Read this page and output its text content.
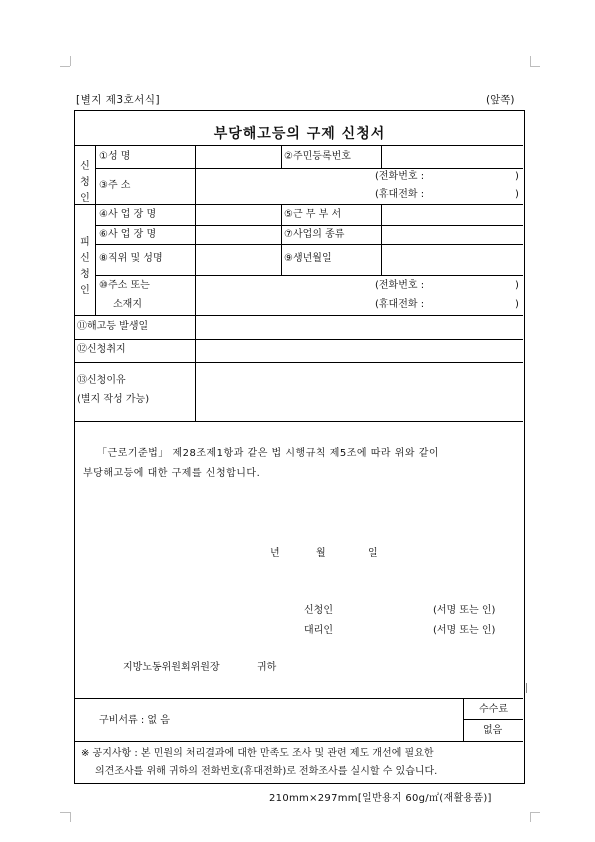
[별지 제3호서식]	(앞쪽)
부당해고등의 구제 신청서
신
청
인
①성 명	②주민등록번호
③주 소
(전화번호 :	)
(휴대전화 :	)
④사 업 장 명	⑤근 무 부 서
피
신
청
인
⑥사 업 장 명	⑦사업의 종류
⑧직위 및 성명	⑨생년월일
⑩주소 또는
소재지
(전화번호 :	)
(휴대전화 :	)
⑪해고등 발생일
⑫신청취지
⑬신청이유
(별지 작성 가능)
「근로기준법」 제28조제1항과 같은 법 시행규칙 제5조에 따라 위와 같이
부당해고등에 대한 구제를 신청합니다.
년	월	일
신청인	(서명 또는 인)
대리인	(서명 또는 인)
지방노동위원회위원장	귀하
구비서류 : 없 음
수수료
없음
※ 공지사항 : 본 민원의 처리결과에 대한 만족도 조사 및 관련 제도 개선에 필요한
의견조사를 위해 귀하의 전화번호(휴대전화)로 전화조사를 실시할 수 있습니다.
210mm×297mm[일반용지 60g/㎡(재활용품)]
